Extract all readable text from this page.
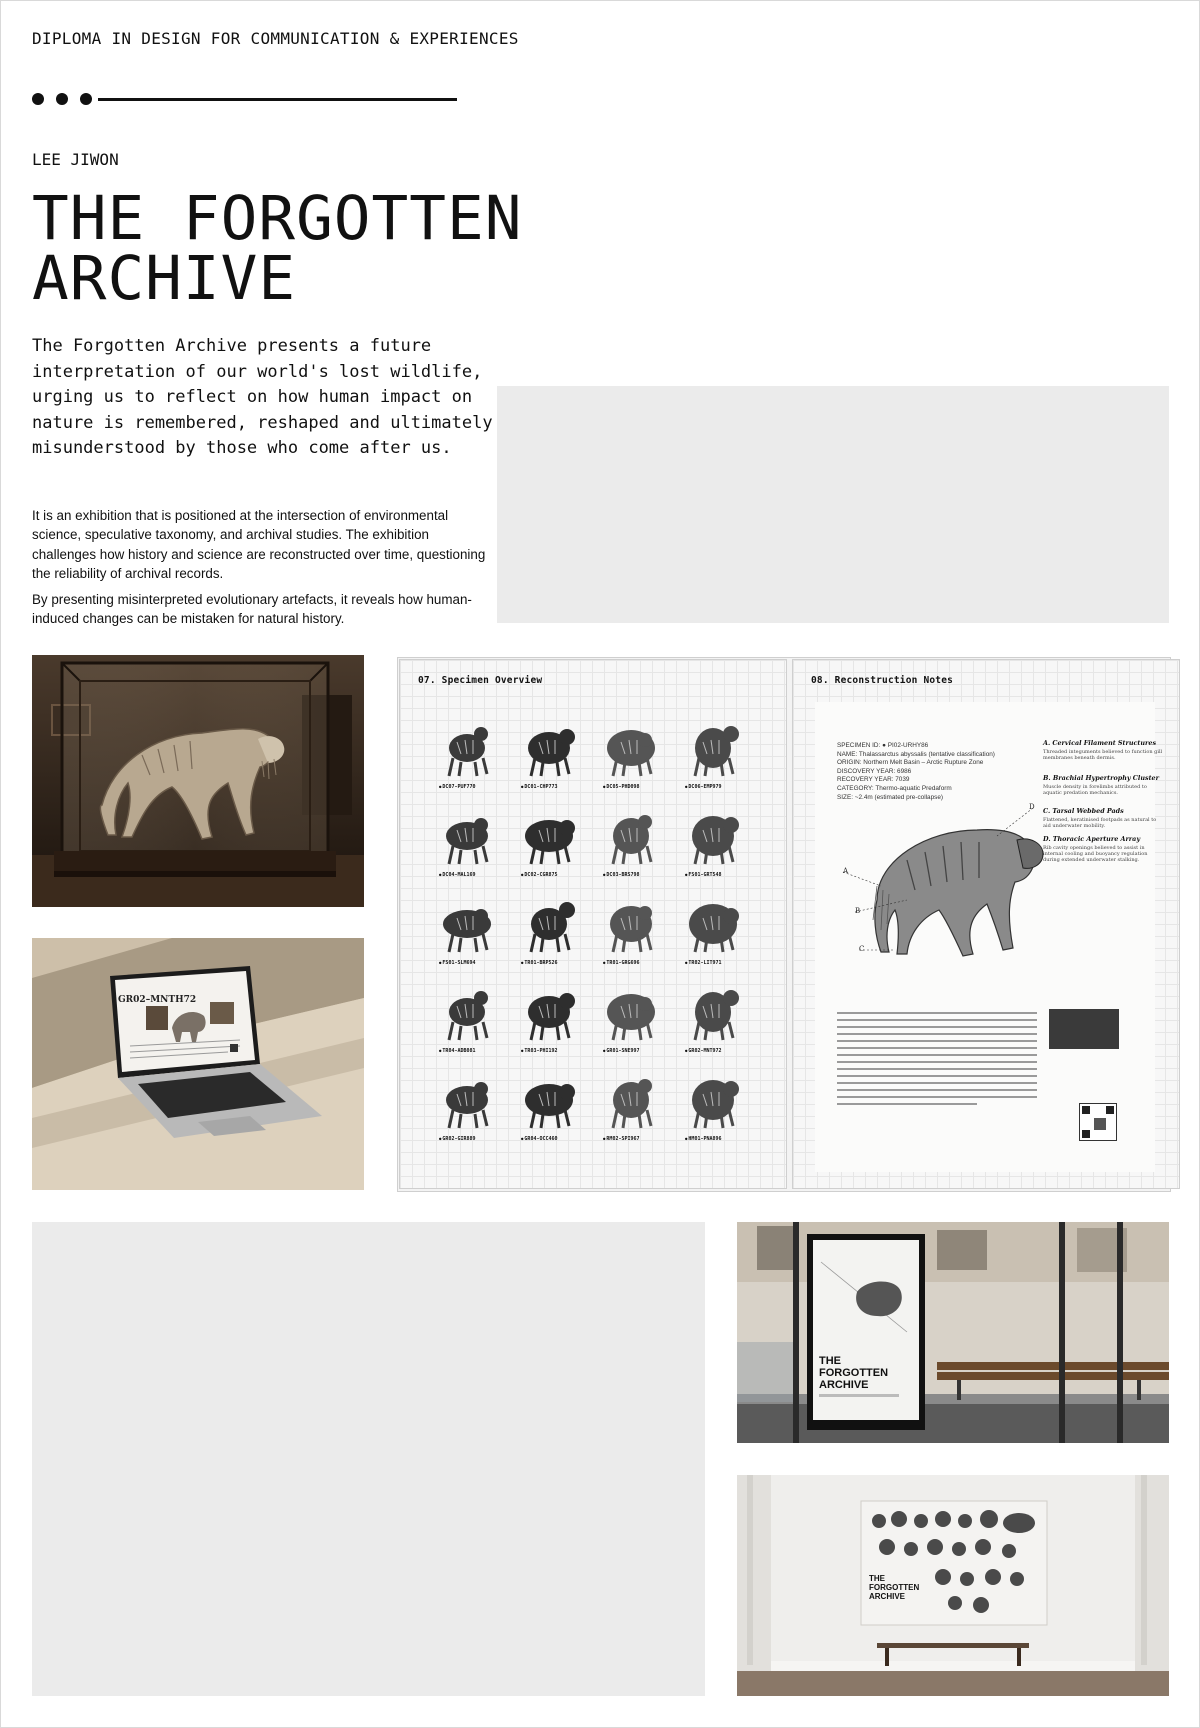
DIPLOMA IN DESIGN FOR COMMUNICATION & EXPERIENCES
LEE JIWON
THE FORGOTTEN
ARCHIVE

The Forgotten Archive presents a future interpretation of our world's lost wildlife, urging us to reflect on how human impact on nature is remembered, reshaped and ultimately misunderstood by those who come after us.

It is an exhibition that is positioned at the intersection of environmental science, speculative taxonomy, and archival studies. The exhibition challenges how history and science are reconstructed over time, questioning the reliability of archival records.

By presenting misinterpreted evolutionary artefacts, it reveals how human-induced changes can be mistaken for natural history.

GR02–MNTH72
07. Specimen Overview
● DC07-PUF770	● DC01-CHP773	● DC05-PHD098	● DC06-EMP979
● DC04-MAL169	● DC02-CGR875	● DC03-BRS798	● FS01-GRT548
● FS01-SLM694	● TR01-BRP526	● TR01-GRG696	● TR02-LIT971
● TR04-ADB081	● TR03-PHI192	● GR01-SNE997	● GR02-MNT972
● GR02-GIR889	● GR04-OCC460	● RM02-SPI967	● HM01-PNA896
08. Reconstruction Notes
SPECIMEN ID: ● PI02-URHY86
NAME: Thalassarctus abyssalis (tentative classification)
ORIGIN: Northern Melt Basin – Arctic Rupture Zone
DISCOVERY YEAR: 6986
RECOVERY YEAR: 7039
CATEGORY: Thermo-aquatic Predaform
SIZE: ~2.4m (estimated pre-collapse)
A. Cervical Filament Structures
Threaded integuments believed to function gill membranes beneath dermis.
B. Brachial Hypertrophy Cluster
Muscle density in forelimbs attributed to aquatic predation mechanics.
C. Tarsal Webbed Pads
Flattened, keratinised footpads as natural to aid underwater mobility.
D. Thoracic Aperture Array
Rib cavity openings believed to assist in internal cooling and buoyancy regulation during extended underwater stalking.
A
B
C
D
THE
FORGOTTEN
ARCHIVE
THE
FORGOTTEN
ARCHIVE
